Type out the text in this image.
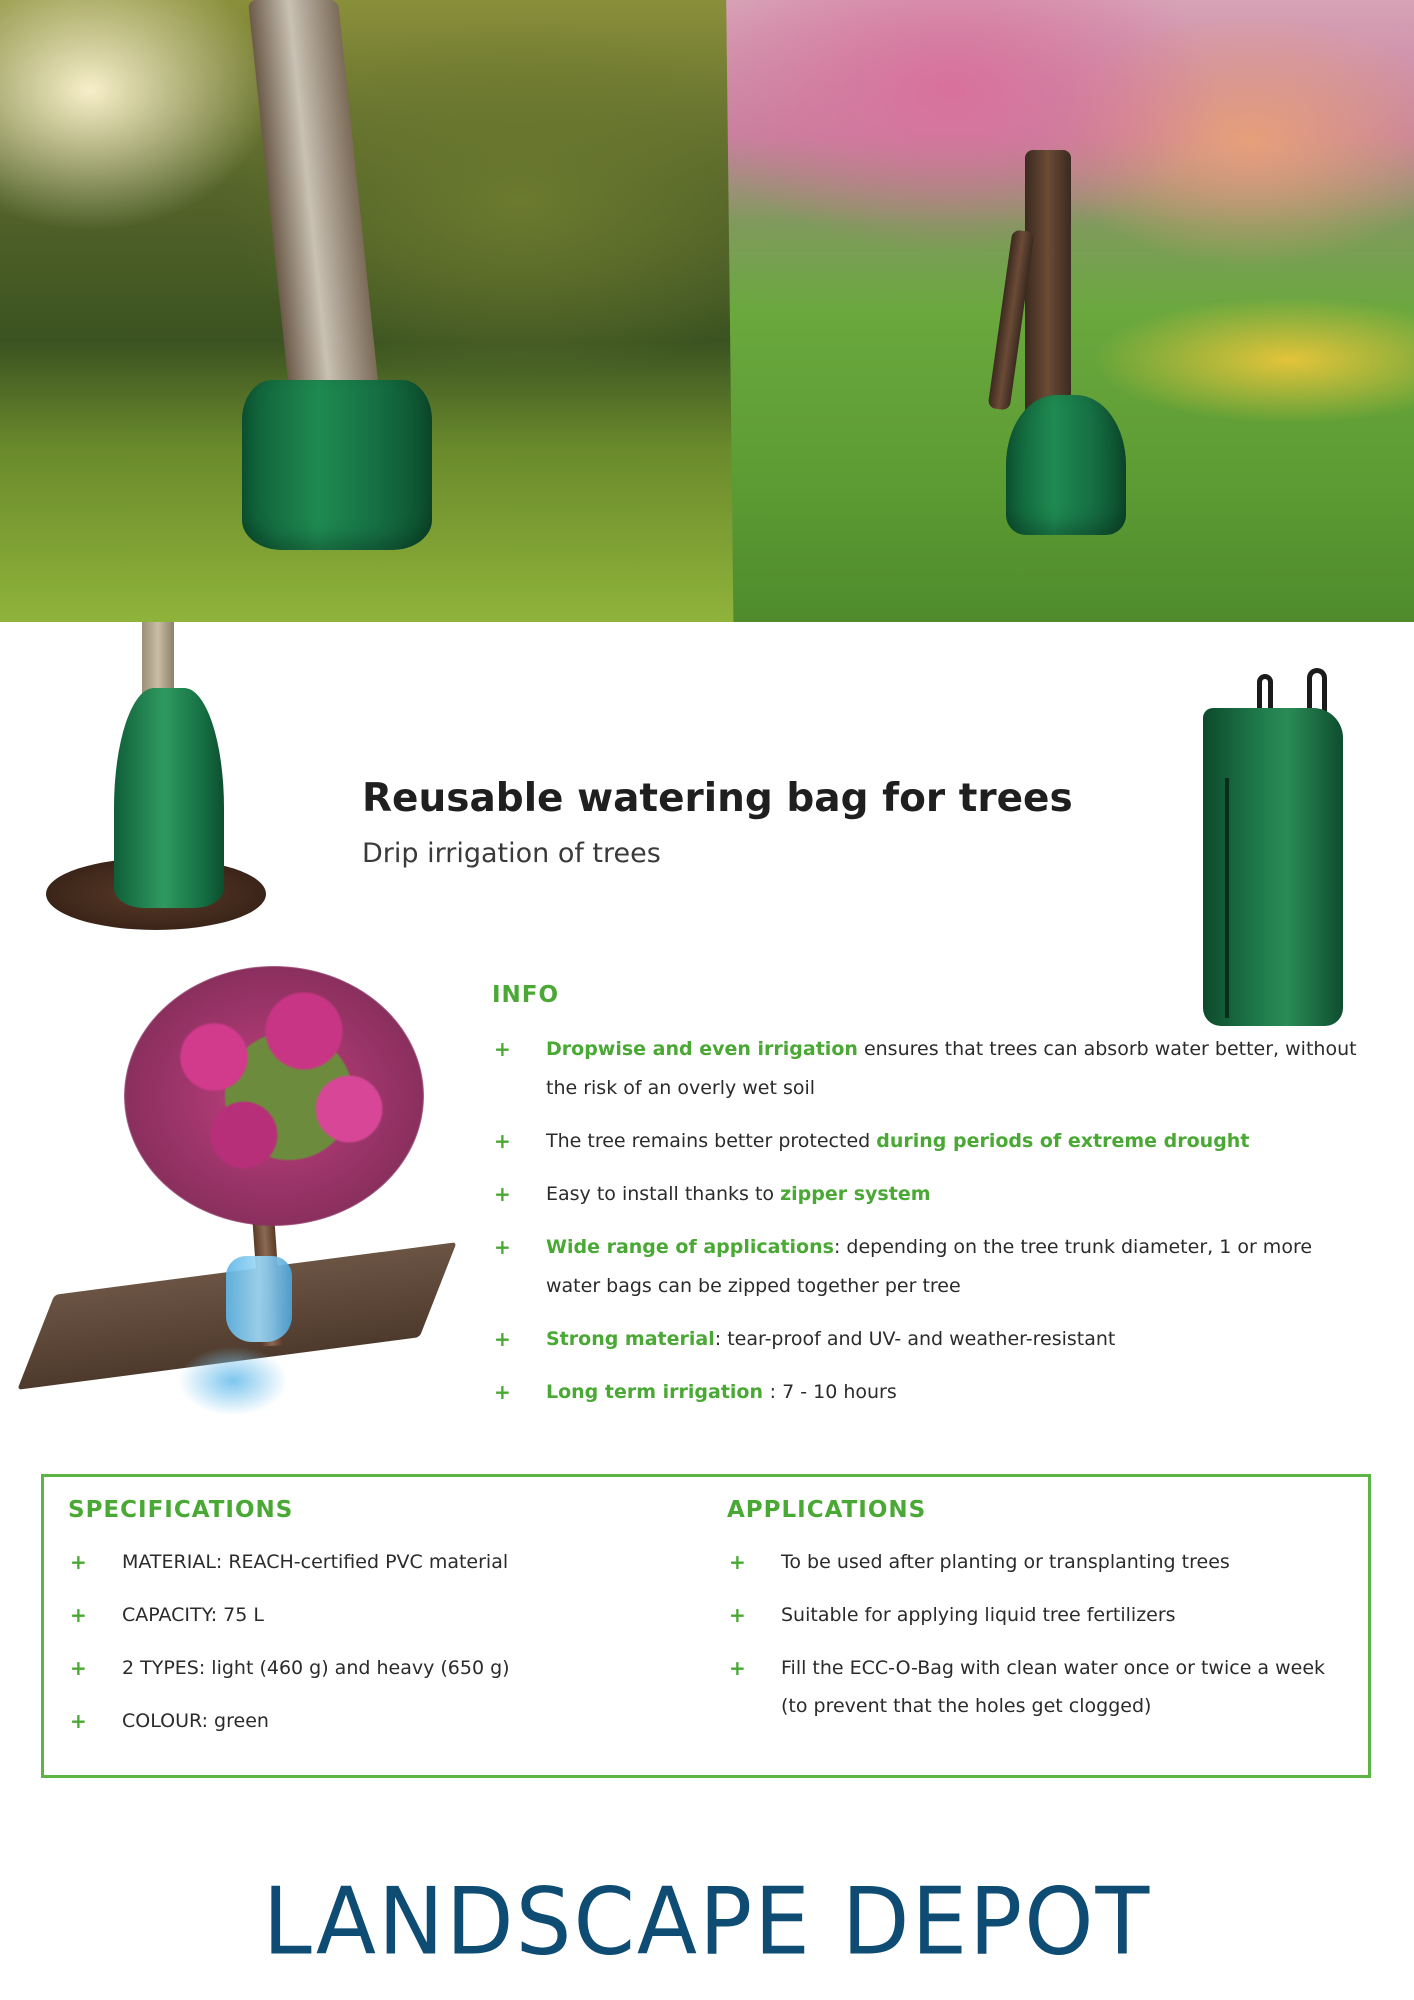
Reusable watering bag for trees
Drip irrigation of trees
INFO
+ Dropwise and even irrigation ensures that trees can absorb water better, without the risk of an overly wet soil
+ The tree remains better protected during periods of extreme drought
+ Easy to install thanks to zipper system
+ Wide range of applications: depending on the tree trunk diameter, 1 or more water bags can be zipped together per tree
+ Strong material: tear-proof and UV- and weather-resistant
+ Long term irrigation : 7 - 10 hours
SPECIFICATIONS
+ MATERIAL: REACH-certified PVC material
+ CAPACITY: 75 L
+ 2 TYPES: light (460 g) and heavy (650 g)
+ COLOUR: green
APPLICATIONS
+ To be used after planting or transplanting trees
+ Suitable for applying liquid tree fertilizers
+ Fill the ECC-O-Bag with clean water once or twice a week (to prevent that the holes get clogged)
LANDSCAPE DEPOT
